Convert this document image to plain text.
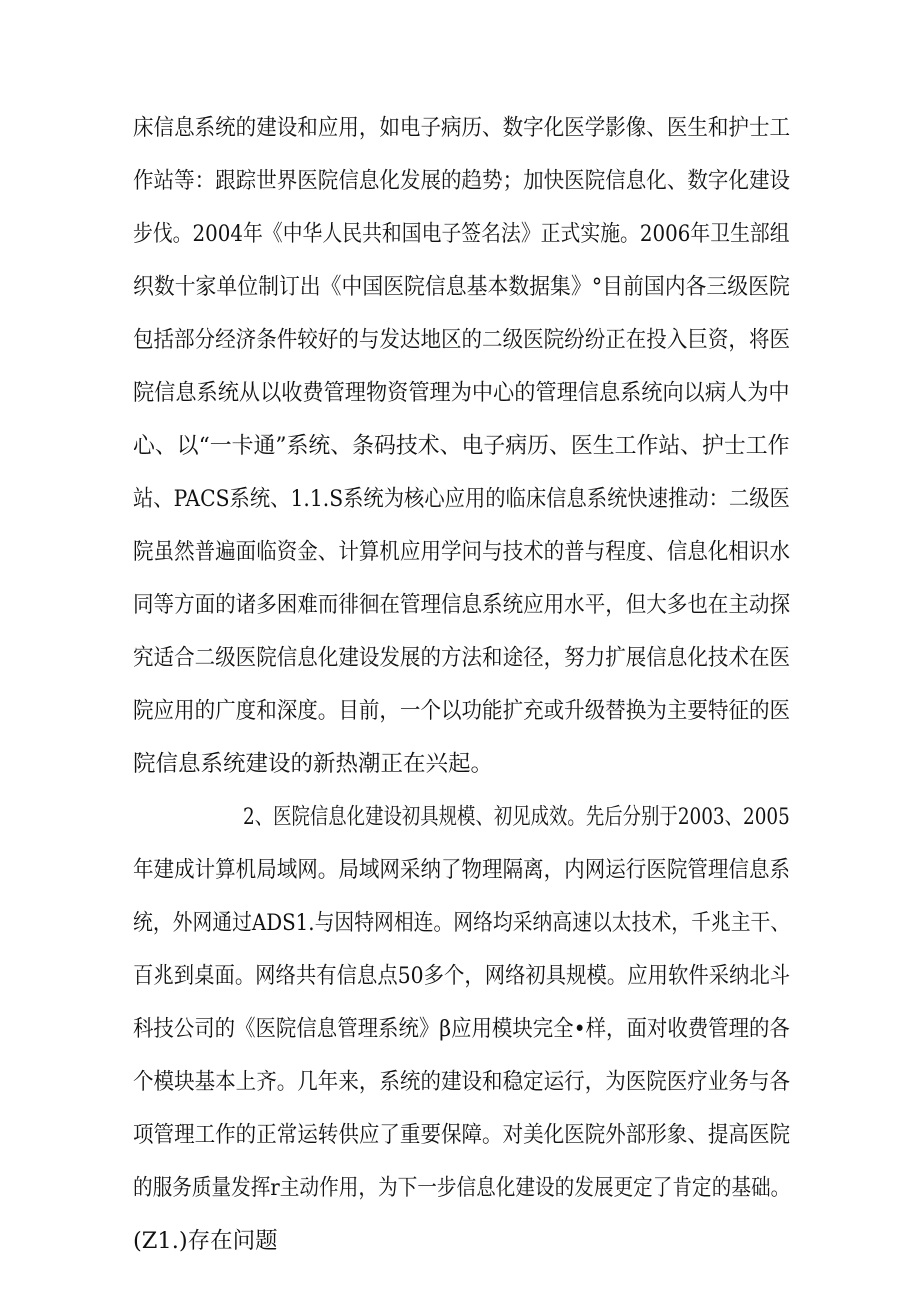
床信息系统的建设和应用，如电子病历、数字化医学影像、医生和护士工
作站等：跟踪世界医院信息化发展的趋势；加快医院信息化、数字化建设
步伐。2004年《中华人民共和国电子签名法》正式实施。2006年卫生部组
织数十家单位制订出《中国医院信息基本数据集》°目前国内各三级医院
包括部分经济条件较好的与发达地区的二级医院纷纷正在投入巨资，将医
院信息系统从以收费管理物资管理为中心的管理信息系统向以病人为中
心、以“一卡通”系统、条码技术、电子病历、医生工作站、护士工作
站、PACS系统、1.1.S系统为核心应用的临床信息系统快速推动：二级医
院虽然普遍面临资金、计算机应用学问与技术的普与程度、信息化相识水
同等方面的诸多困难而徘徊在管理信息系统应用水平，但大多也在主动探
究适合二级医院信息化建设发展的方法和途径，努力扩展信息化技术在医
院应用的广度和深度。目前，一个以功能扩充或升级替换为主要特征的医
院信息系统建设的新热潮正在兴起。
2、医院信息化建设初具规模、初见成效。先后分别于2003、2005
年建成计算机局域网。局域网采纳了物理隔离，内网运行医院管理信息系
统，外网通过ADS1.与因特网相连。网络均采纳高速以太技术，千兆主干、
百兆到桌面。网络共有信息点50多个，网络初具规模。应用软件采纳北斗
科技公司的《医院信息管理系统》β应用模块完全•样，面对收费管理的各
个模块基本上齐。几年来，系统的建设和稳定运行，为医院医疗业务与各
项管理工作的正常运转供应了重要保障。对美化医院外部形象、提高医院
的服务质量发挥r主动作用，为下一步信息化建设的发展更定了肯定的基础。
(Z1.)存在问题
